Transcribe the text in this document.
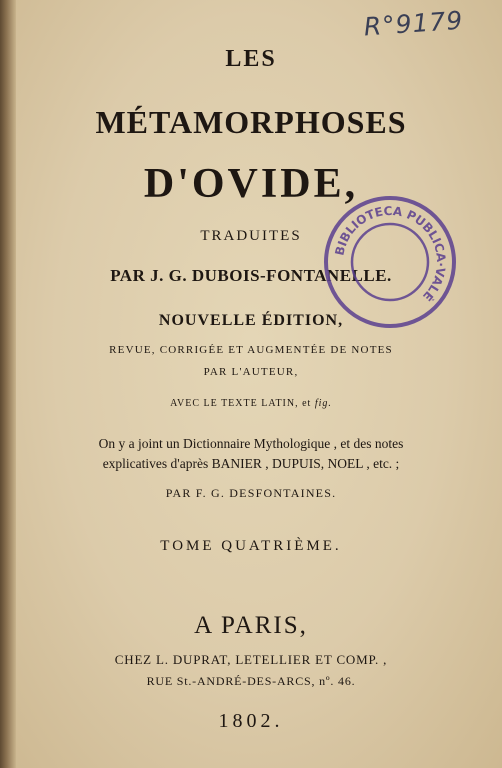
R°9179
LES
MÉTAMORPHOSES
D'OVIDE,
TRADUITES
PAR J. G. DUBOIS-FONTANELLE.
NOUVELLE ÉDITION,
REVUE, CORRIGÉE ET AUGMENTÉE DE NOTES
PAR L'AUTEUR,
AVEC LE TEXTE LATIN, et fig.
On y a joint un Dictionnaire Mythologique , et des notes
explicatives d'après BANIER , DUPUIS, NOEL , etc. ;
PAR F. G. DESFONTAINES.
TOME QUATRIÈME.
A PARIS,
CHEZ L. DUPRAT, LETELLIER ET COMP. ,
RUE St.-ANDRÉ-DES-ARCS, nº. 46.
1802.
BIBLIOTECA PUBLICA·VALÈ
